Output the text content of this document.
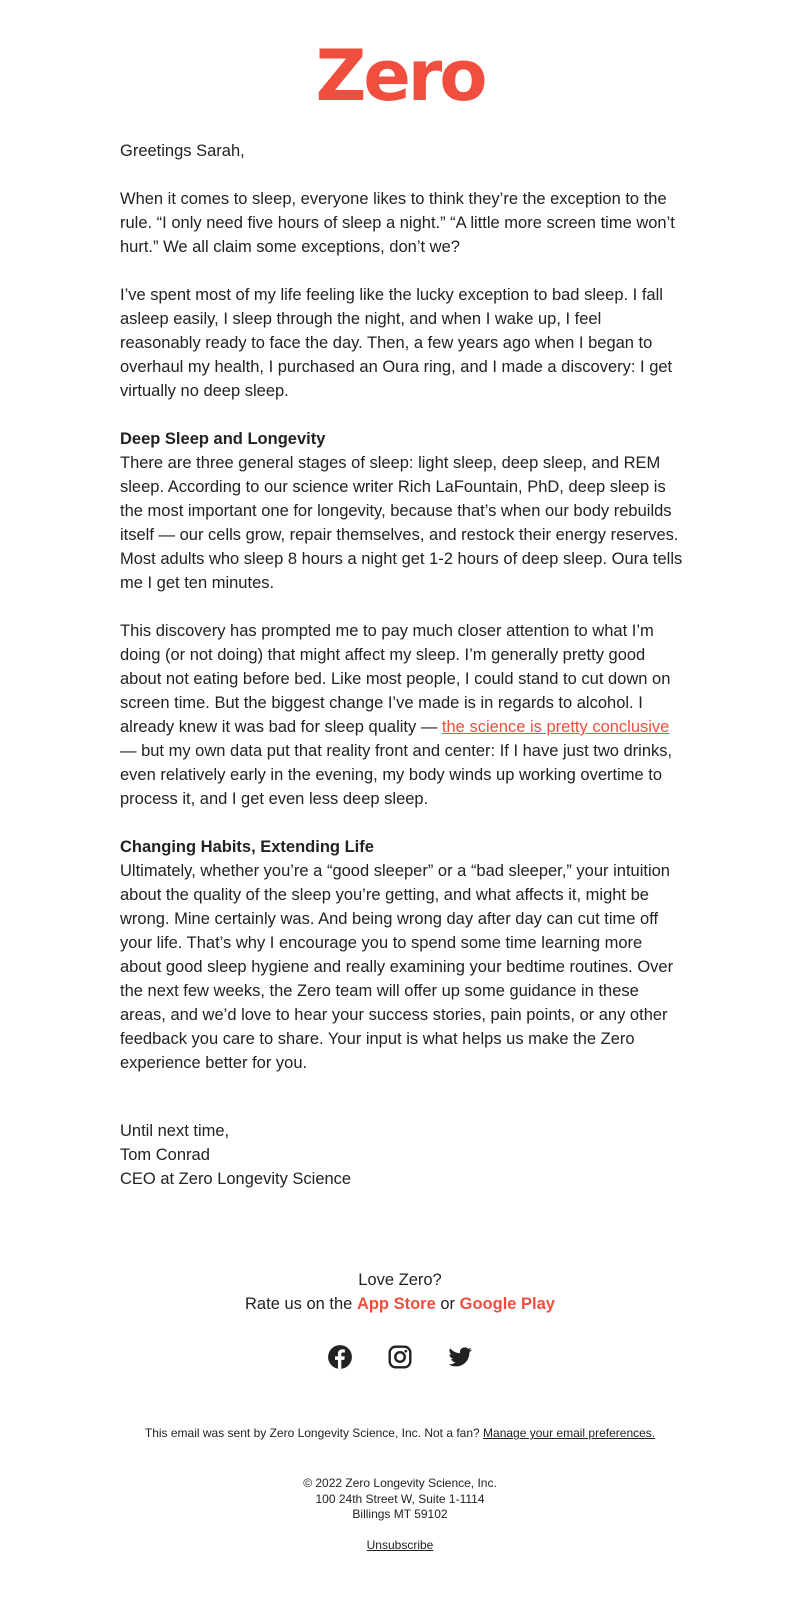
Zero

Greetings Sarah,

When it comes to sleep, everyone likes to think they’re the exception to the rule. “I only need five hours of sleep a night.” “A little more screen time won’t hurt.” We all claim some exceptions, don’t we?

I’ve spent most of my life feeling like the lucky exception to bad sleep. I fall asleep easily, I sleep through the night, and when I wake up, I feel reasonably ready to face the day. Then, a few years ago when I began to overhaul my health, I purchased an Oura ring, and I made a discovery: I get virtually no deep sleep.

Deep Sleep and Longevity
There are three general stages of sleep: light sleep, deep sleep, and REM sleep. According to our science writer Rich LaFountain, PhD, deep sleep is the most important one for longevity, because that’s when our body rebuilds itself — our cells grow, repair themselves, and restock their energy reserves. Most adults who sleep 8 hours a night get 1-2 hours of deep sleep. Oura tells me I get ten minutes.

This discovery has prompted me to pay much closer attention to what I’m doing (or not doing) that might affect my sleep. I’m generally pretty good about not eating before bed. Like most people, I could stand to cut down on screen time. But the biggest change I’ve made is in regards to alcohol. I already knew it was bad for sleep quality — the science is pretty conclusive — but my own data put that reality front and center: If I have just two drinks, even relatively early in the evening, my body winds up working overtime to process it, and I get even less deep sleep.

Changing Habits, Extending Life
Ultimately, whether you’re a “good sleeper” or a “bad sleeper,” your intuition about the quality of the sleep you’re getting, and what affects it, might be wrong. Mine certainly was. And being wrong day after day can cut time off your life. That’s why I encourage you to spend some time learning more about good sleep hygiene and really examining your bedtime routines. Over the next few weeks, the Zero team will offer up some guidance in these areas, and we’d love to hear your success stories, pain points, or any other feedback you care to share. Your input is what helps us make the Zero experience better for you.

Until next time,
Tom Conrad
CEO at Zero Longevity Science

Love Zero?
Rate us on the App Store or Google Play

This email was sent by Zero Longevity Science, Inc. Not a fan? Manage your email preferences.
© 2022 Zero Longevity Science, Inc.
100 24th Street W, Suite 1-1114
Billings MT 59102
Unsubscribe
